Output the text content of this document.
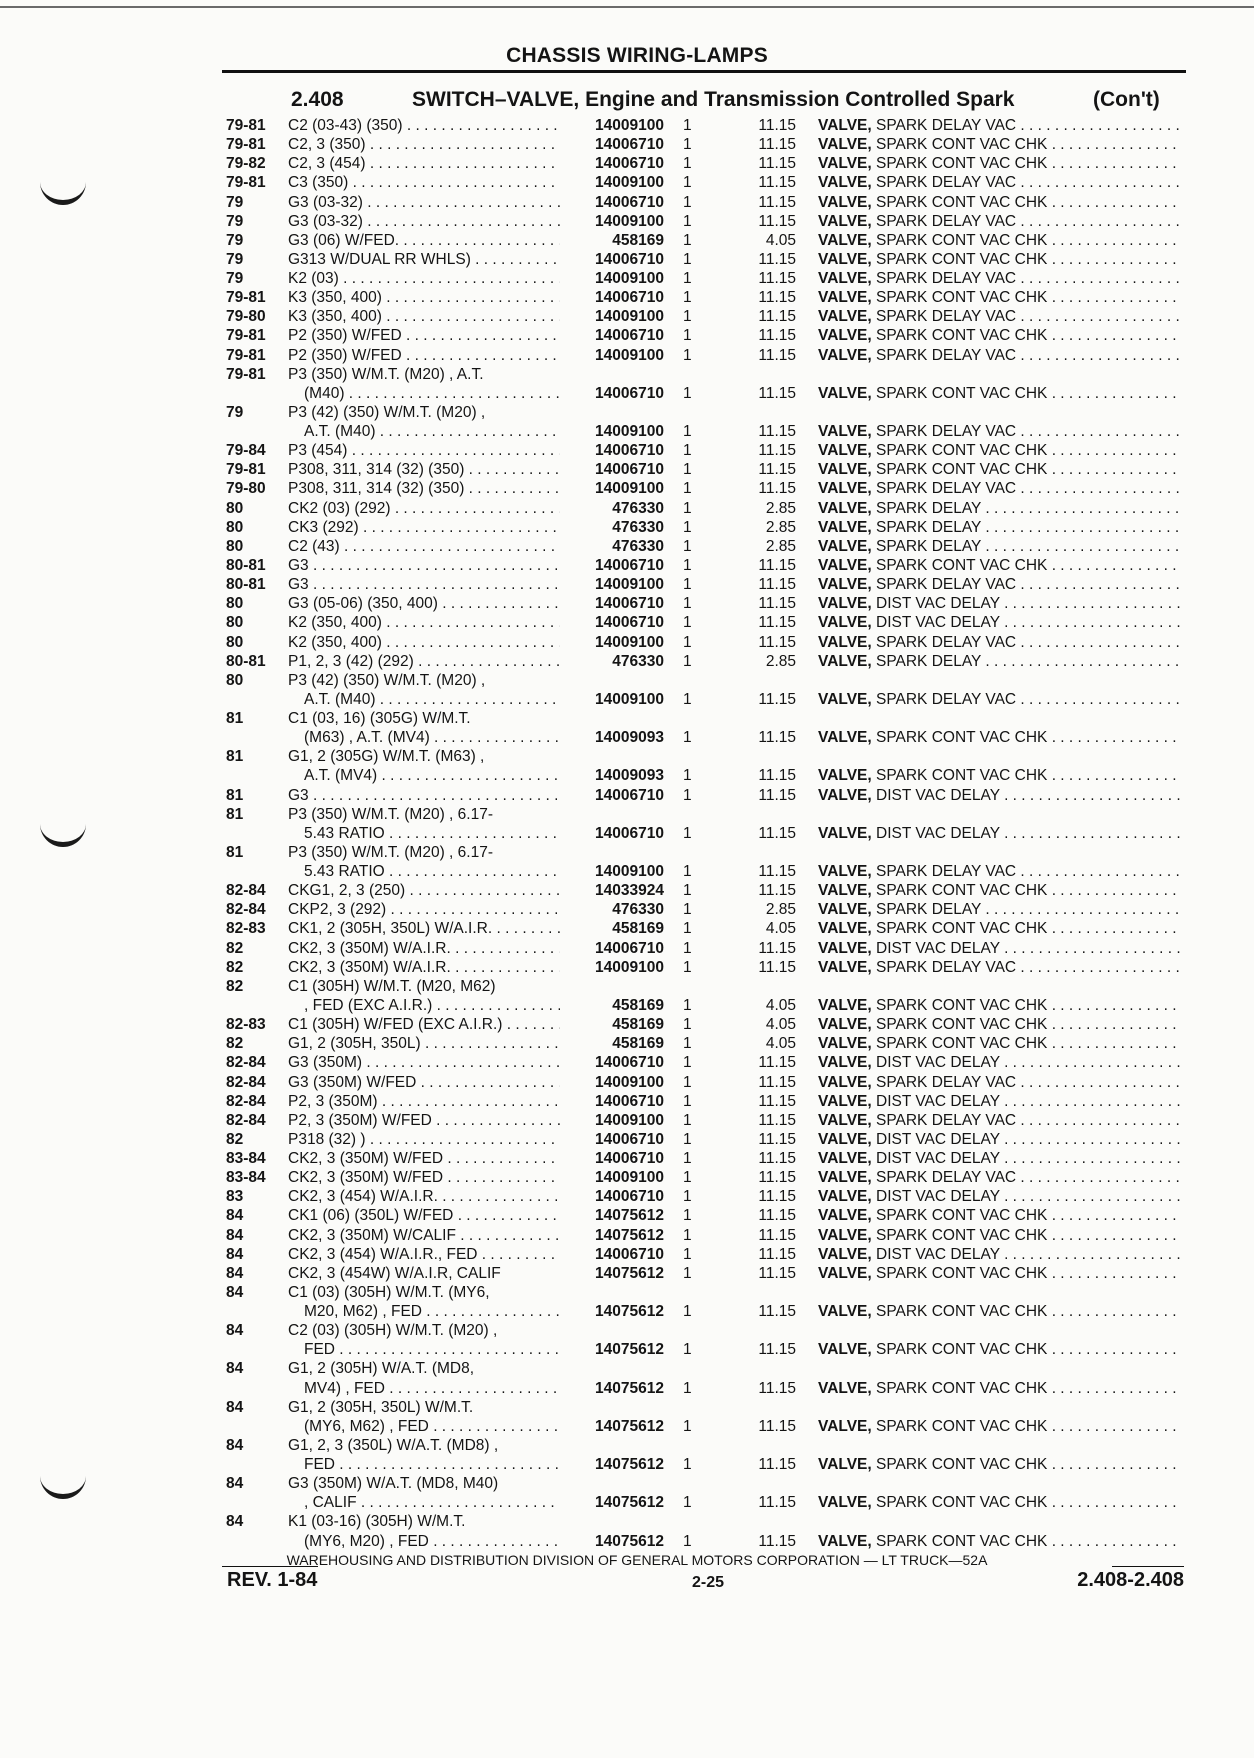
CHASSIS WIRING-LAMPS
2.408	SWITCH–VALVE, Engine and Transmission Controlled Spark	(Con't)
79-81 C2 (03-43) (350) . . .	14009100 1	11.15 VALVE, SPARK DELAY VAC . . .
79-81 C2, 3 (350) . . .	14006710 1	11.15 VALVE, SPARK CONT VAC CHK . . .
79-82 C2, 3 (454) . . .	14006710 1	11.15 VALVE, SPARK CONT VAC CHK . . .
79-81 C3 (350) . . .	14009100 1	11.15 VALVE, SPARK DELAY VAC . . .
79	G3 (03-32) . . .	14006710 1	11.15 VALVE, SPARK CONT VAC CHK . . .
79	G3 (03-32) . . .	14009100 1	11.15 VALVE, SPARK DELAY VAC . . .
79	G3 (06) W/FED. . . .	458169 1	4.05 VALVE, SPARK CONT VAC CHK . . .
79	G313 W/DUAL RR WHLS) . . .	14006710 1	11.15 VALVE, SPARK CONT VAC CHK . . .
79	K2 (03) . . .	14009100 1	11.15 VALVE, SPARK DELAY VAC . . .
79-81 K3 (350, 400) . . .	14006710 1	11.15 VALVE, SPARK CONT VAC CHK . . .
79-80 K3 (350, 400) . . .	14009100 1	11.15 VALVE, SPARK DELAY VAC . . .
79-81 P2 (350) W/FED . . .	14006710 1	11.15 VALVE, SPARK CONT VAC CHK . . .
79-81 P2 (350) W/FED . . .	14009100 1	11.15 VALVE, SPARK DELAY VAC . . .
79-81 P3 (350) W/M.T. (M20) , A.T.
(M40) . . .	14006710 1	11.15 VALVE, SPARK CONT VAC CHK . . .
79	P3 (42) (350) W/M.T. (M20) ,
A.T. (M40) . . .	14009100 1	11.15 VALVE, SPARK DELAY VAC . . .
79-84 P3 (454) . . .	14006710 1	11.15 VALVE, SPARK CONT VAC CHK . . .
79-81 P308, 311, 314 (32) (350) . . .	14006710 1	11.15 VALVE, SPARK CONT VAC CHK . . .
79-80 P308, 311, 314 (32) (350) . . .	14009100 1	11.15 VALVE, SPARK DELAY VAC . . .
80	CK2 (03) (292) . . .	476330 1	2.85 VALVE, SPARK DELAY . . .
80	CK3 (292) . . .	476330 1	2.85 VALVE, SPARK DELAY . . .
80	C2 (43) . . .	476330 1	2.85 VALVE, SPARK DELAY . . .
80-81 G3 . . .	14006710 1	11.15 VALVE, SPARK CONT VAC CHK . . .
80-81 G3 . . .	14009100 1	11.15 VALVE, SPARK DELAY VAC . . .
80	G3 (05-06) (350, 400) . . .	14006710 1	11.15 VALVE, DIST VAC DELAY . . .
80	K2 (350, 400) . . .	14006710 1	11.15 VALVE, DIST VAC DELAY . . .
80	K2 (350, 400) . . .	14009100 1	11.15 VALVE, SPARK DELAY VAC . . .
80-81 P1, 2, 3 (42) (292) . . .	476330 1	2.85 VALVE, SPARK DELAY . . .
80	P3 (42) (350) W/M.T. (M20) ,
A.T. (M40) . . .	14009100 1	11.15 VALVE, SPARK DELAY VAC . . .
81	C1 (03, 16) (305G) W/M.T.
(M63) , A.T. (MV4) . . .	14009093 1	11.15 VALVE, SPARK CONT VAC CHK . . .
81	G1, 2 (305G) W/M.T. (M63) ,
A.T. (MV4) . . .	14009093 1	11.15 VALVE, SPARK CONT VAC CHK . . .
81	G3 . . .	14006710 1	11.15 VALVE, DIST VAC DELAY . . .
81	P3 (350) W/M.T. (M20) , 6.17-
5.43 RATIO . . .	14006710 1	11.15 VALVE, DIST VAC DELAY . . .
81	P3 (350) W/M.T. (M20) , 6.17-
5.43 RATIO . . .	14009100 1	11.15 VALVE, SPARK DELAY VAC . . .
82-84 CKG1, 2, 3 (250) . . .	14033924 1	11.15 VALVE, SPARK CONT VAC CHK . . .
82-84 CKP2, 3 (292) . . .	476330 1	2.85 VALVE, SPARK DELAY . . .
82-83 CK1, 2 (305H, 350L) W/A.I.R. . . .	458169 1	4.05 VALVE, SPARK CONT VAC CHK . . .
82	CK2, 3 (350M) W/A.I.R. . . .	14006710 1	11.15 VALVE, DIST VAC DELAY . . .
82	CK2, 3 (350M) W/A.I.R. . . .	14009100 1	11.15 VALVE, SPARK DELAY VAC . . .
82	C1 (305H) W/M.T. (M20, M62)
, FED (EXC A.I.R.) . . .	458169 1	4.05 VALVE, SPARK CONT VAC CHK . . .
82-83 C1 (305H) W/FED (EXC A.I.R.) . . .	458169 1	4.05 VALVE, SPARK CONT VAC CHK . . .
82	G1, 2 (305H, 350L) . . .	458169 1	4.05 VALVE, SPARK CONT VAC CHK . . .
82-84 G3 (350M) . . .	14006710 1	11.15 VALVE, DIST VAC DELAY . . .
82-84 G3 (350M) W/FED . . .	14009100 1	11.15 VALVE, SPARK DELAY VAC . . .
82-84 P2, 3 (350M) . . .	14006710 1	11.15 VALVE, DIST VAC DELAY . . .
82-84 P2, 3 (350M) W/FED . . .	14009100 1	11.15 VALVE, SPARK DELAY VAC . . .
82	P318 (32) ) . . .	14006710 1	11.15 VALVE, DIST VAC DELAY . . .
83-84 CK2, 3 (350M) W/FED . . .	14006710 1	11.15 VALVE, DIST VAC DELAY . . .
83-84 CK2, 3 (350M) W/FED . . .	14009100 1	11.15 VALVE, SPARK DELAY VAC . . .
83	CK2, 3 (454) W/A.I.R. . . .	14006710 1	11.15 VALVE, DIST VAC DELAY . . .
84	CK1 (06) (350L) W/FED . . .	14075612 1	11.15 VALVE, SPARK CONT VAC CHK . . .
84	CK2, 3 (350M) W/CALIF . . .	14075612 1	11.15 VALVE, SPARK CONT VAC CHK . . .
84	CK2, 3 (454) W/A.I.R., FED . . .	14006710 1	11.15 VALVE, DIST VAC DELAY . . .
84	CK2, 3 (454W) W/A.I.R, CALIF	14075612 1	11.15 VALVE, SPARK CONT VAC CHK . . .
84	C1 (03) (305H) W/M.T. (MY6,
M20, M62) , FED . . .	14075612 1	11.15 VALVE, SPARK CONT VAC CHK . . .
84	C2 (03) (305H) W/M.T. (M20) ,
FED . . .	14075612 1	11.15 VALVE, SPARK CONT VAC CHK . . .
84	G1, 2 (305H) W/A.T. (MD8,
MV4) , FED . . .	14075612 1	11.15 VALVE, SPARK CONT VAC CHK . . .
84	G1, 2 (305H, 350L) W/M.T.
(MY6, M62) , FED . . .	14075612 1	11.15 VALVE, SPARK CONT VAC CHK . . .
84	G1, 2, 3 (350L) W/A.T. (MD8) ,
FED . . .	14075612 1	11.15 VALVE, SPARK CONT VAC CHK . . .
84	G3 (350M) W/A.T. (MD8, M40)
, CALIF . . .	14075612 1	11.15 VALVE, SPARK CONT VAC CHK . . .
84	K1 (03-16) (305H) W/M.T.
(MY6, M20) , FED . . .	14075612 1	11.15 VALVE, SPARK CONT VAC CHK . . .
WAREHOUSING AND DISTRIBUTION DIVISION OF GENERAL MOTORS CORPORATION — LT TRUCK—52A
REV. 1-84	2-25	2.408-2.408
